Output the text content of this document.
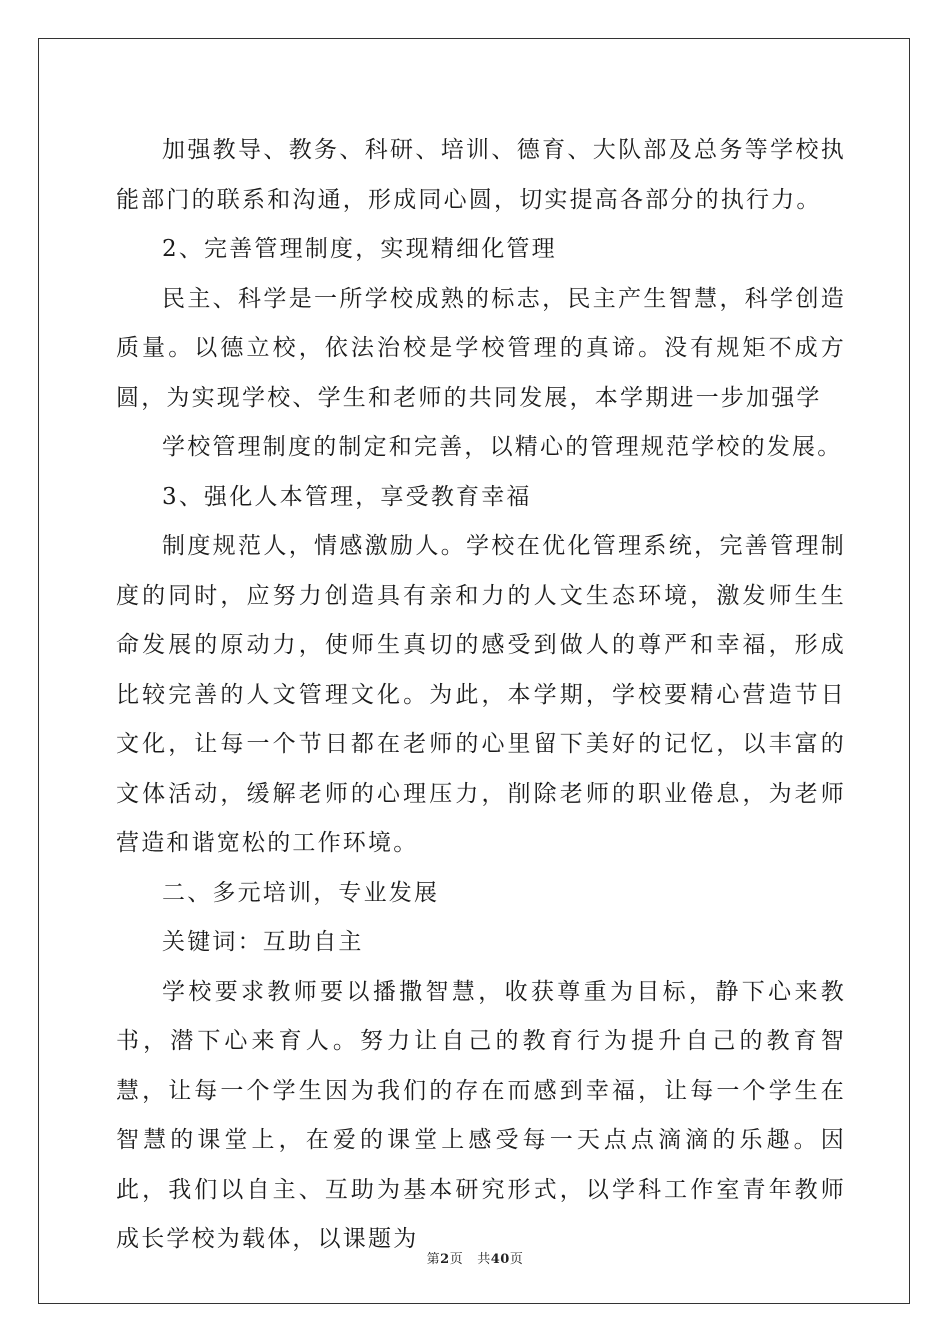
加强教导、教务、科研、培训、德育、大队部及总务等学校执能部门的联系和沟通，形成同心圆，切实提高各部分的执行力。

2、完善管理制度，实现精细化管理

民主、科学是一所学校成熟的标志，民主产生智慧，科学创造质量。以德立校，依法治校是学校管理的真谛。没有规矩不成方圆，为实现学校、学生和老师的共同发展，本学期进一步加强学

学校管理制度的制定和完善，以精心的管理规范学校的发展。

3、强化人本管理，享受教育幸福

制度规范人，情感激励人。学校在优化管理系统，完善管理制度的同时，应努力创造具有亲和力的人文生态环境，激发师生生命发展的原动力，使师生真切的感受到做人的尊严和幸福，形成比较完善的人文管理文化。为此，本学期，学校要精心营造节日文化，让每一个节日都在老师的心里留下美好的记忆，以丰富的文体活动，缓解老师的心理压力，削除老师的职业倦息，为老师营造和谐宽松的工作环境。

二、多元培训，专业发展

关键词：互助自主

学校要求教师要以播撒智慧，收获尊重为目标，静下心来教书，潜下心来育人。努力让自己的教育行为提升自己的教育智慧，让每一个学生因为我们的存在而感到幸福，让每一个学生在智慧的课堂上，在爱的课堂上感受每一天点点滴滴的乐趣。因此，我们以自主、互助为基本研究形式，以学科工作室青年教师成长学校为载体，以课题为

第2页 共40页
